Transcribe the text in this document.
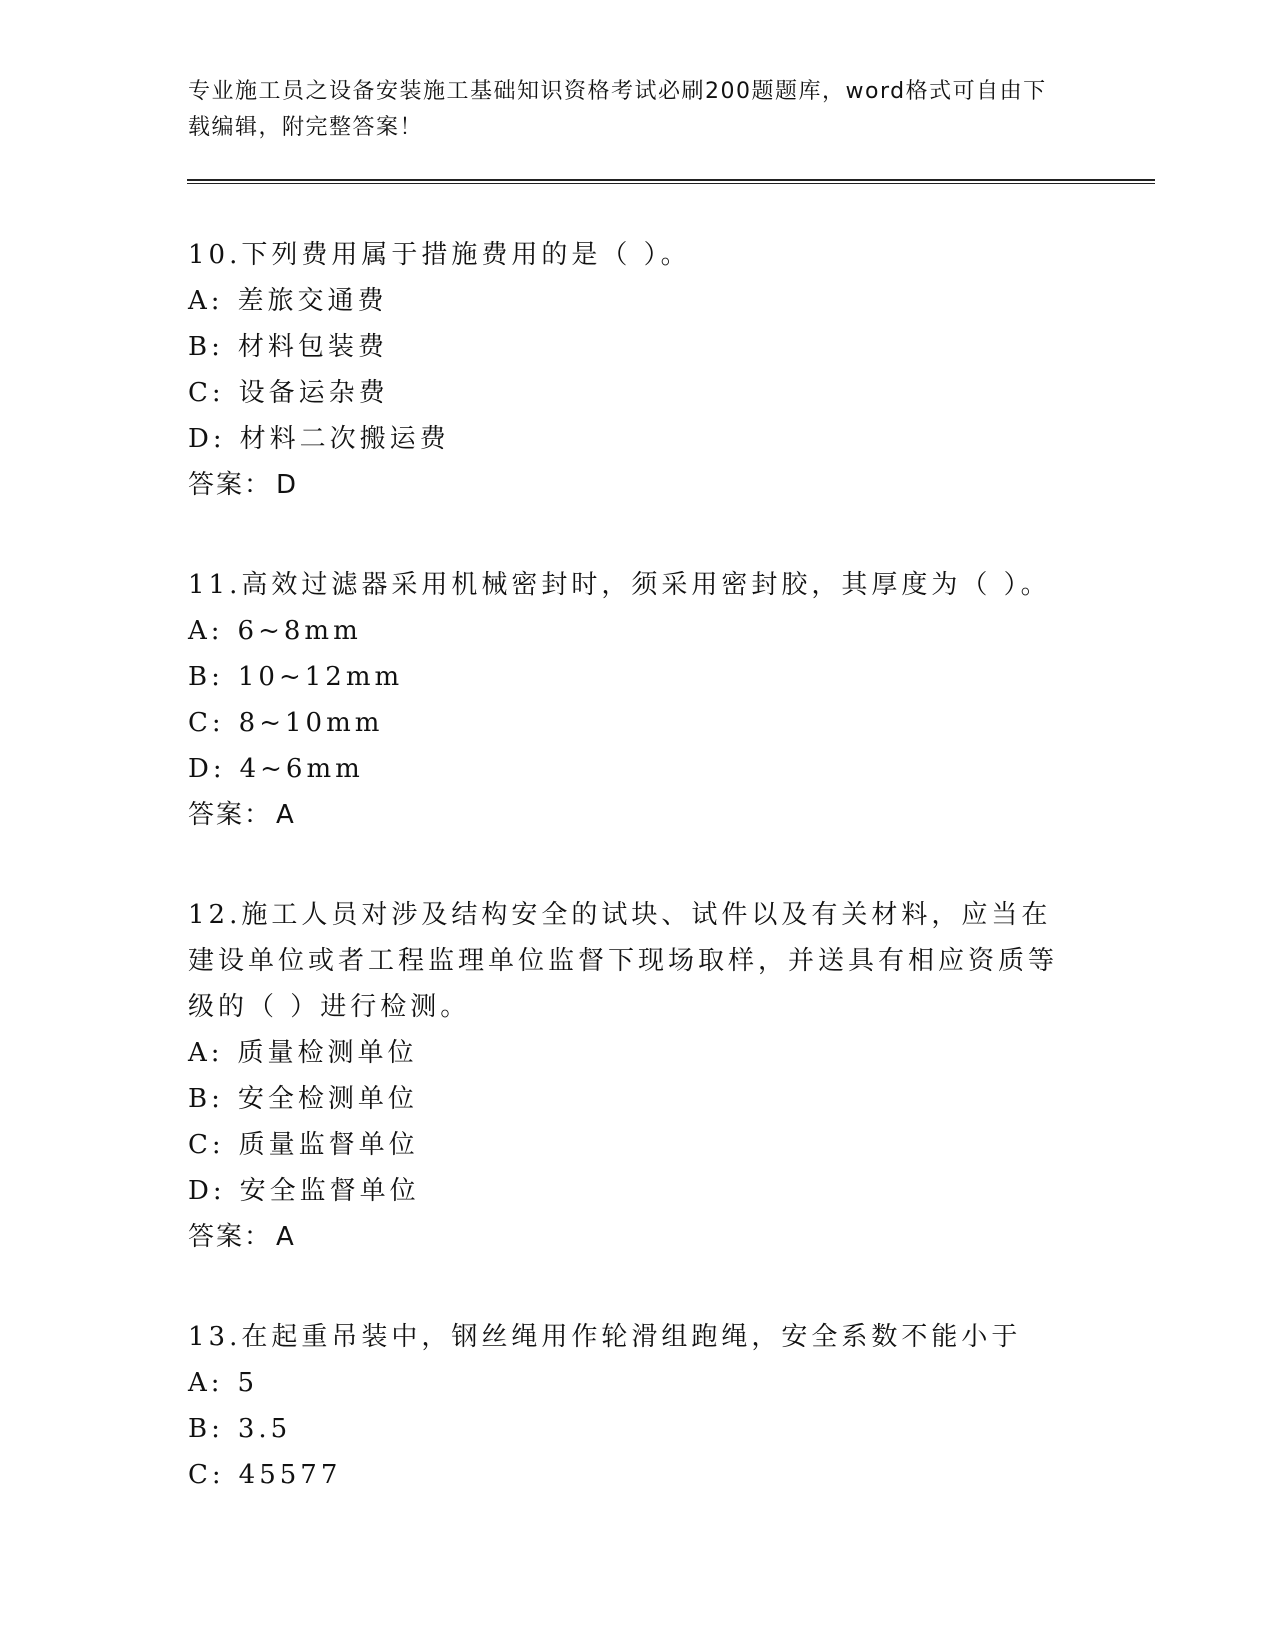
专业施工员之设备安装施工基础知识资格考试必刷200题题库，word格式可自由下载编辑，附完整答案！
10.下列费用属于措施费用的是（ ）。
A: 差旅交通费
B: 材料包装费
C: 设备运杂费
D: 材料二次搬运费
答案： D
11.高效过滤器采用机械密封时，须采用密封胶，其厚度为（ ）。
A: 6~8mm
B: 10~12mm
C: 8~10mm
D: 4~6mm
答案： A
12.施工人员对涉及结构安全的试块、试件以及有关材料，应当在建设单位或者工程监理单位监督下现场取样，并送具有相应资质等级的（ ）进行检测。
A: 质量检测单位
B: 安全检测单位
C: 质量监督单位
D: 安全监督单位
答案： A
13.在起重吊装中，钢丝绳用作轮滑组跑绳，安全系数不能小于
A: 5
B: 3.5
C: 45577
